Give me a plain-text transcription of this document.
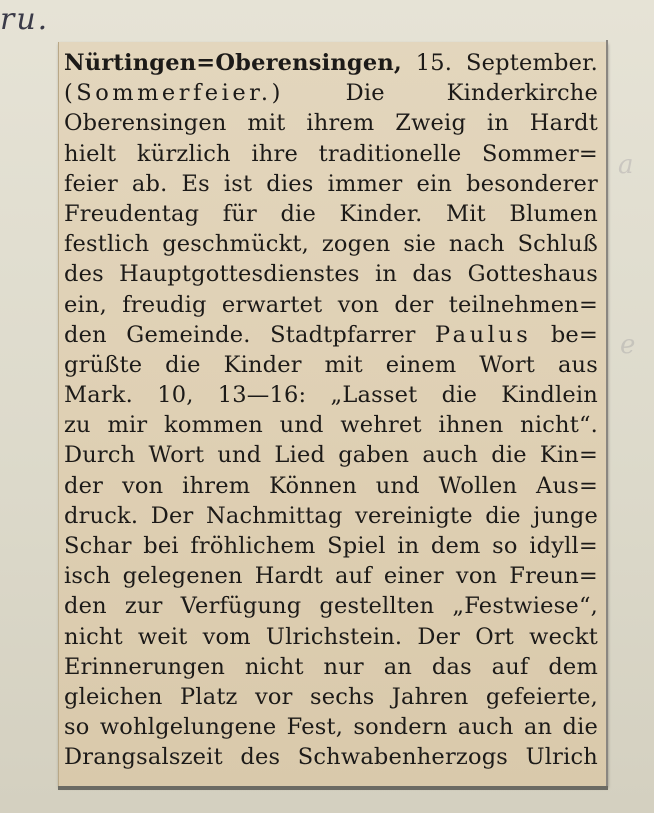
ru.
a
e
Nürtingen=Oberensingen, 15. September.
(Sommerfeier.) Die Kinderkirche
Oberensingen mit ihrem Zweig in Hardt
hielt kürzlich ihre traditionelle Sommer=
feier ab. Es ist dies immer ein besonderer
Freudentag für die Kinder. Mit Blumen
festlich geschmückt, zogen sie nach Schluß
des Hauptgottesdienstes in das Gotteshaus
ein, freudig erwartet von der teilnehmen=
den Gemeinde. Stadtpfarrer Paulus be=
grüßte die Kinder mit einem Wort aus
Mark. 10, 13—16: „Lasset die Kindlein
zu mir kommen und wehret ihnen nicht“.
Durch Wort und Lied gaben auch die Kin=
der von ihrem Können und Wollen Aus=
druck. Der Nachmittag vereinigte die junge
Schar bei fröhlichem Spiel in dem so idyll=
isch gelegenen Hardt auf einer von Freun=
den zur Verfügung gestellten „Festwiese“,
nicht weit vom Ulrichstein. Der Ort weckt
Erinnerungen nicht nur an das auf dem
gleichen Platz vor sechs Jahren gefeierte,
so wohlgelungene Fest, sondern auch an die
Drangsalszeit des Schwabenherzogs Ulrich
